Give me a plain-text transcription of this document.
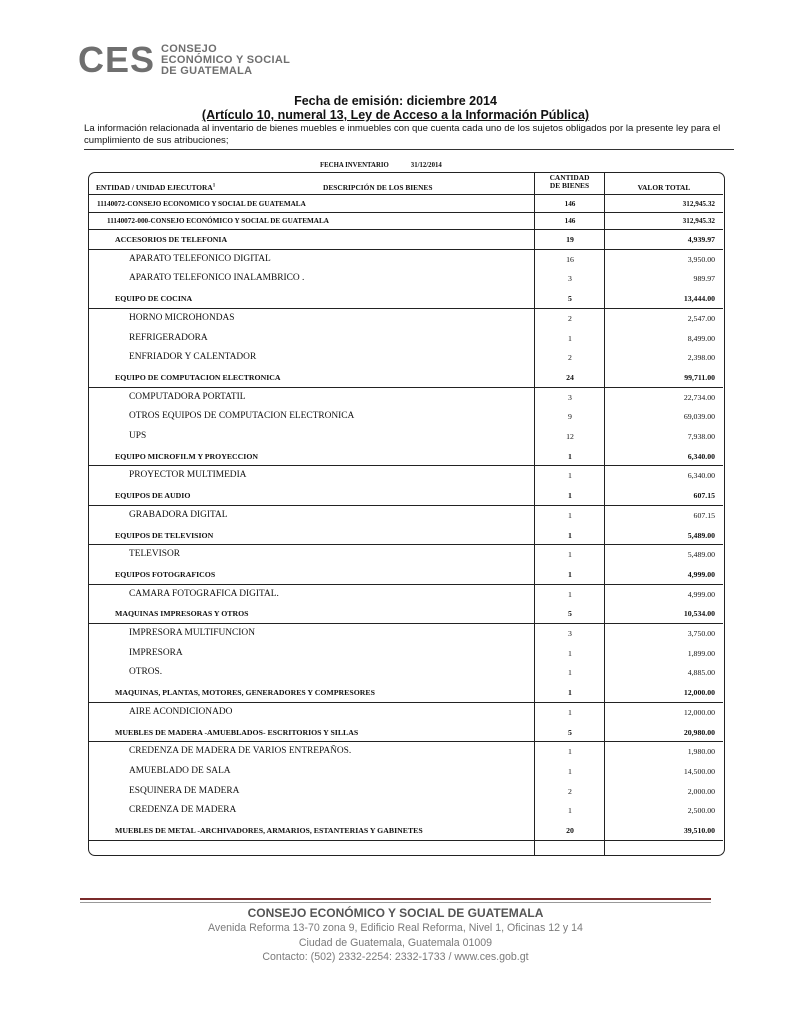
CES CONSEJO
ECONÓMICO Y SOCIAL
DE GUATEMALA
Fecha de emisión: diciembre 2014
(Artículo 10, numeral 13, Ley de Acceso a la Información Pública)
La información relacionada al inventario de bienes muebles e inmuebles con que cuenta cada uno de los sujetos obligados por la presente ley para el cumplimiento de sus atribuciones;
FECHA INVENTARIO	31/12/2014
ENTIDAD / UNIDAD EJECUTORA$^1$	DESCRIPCIÓN DE LOS BIENES
CANTIDAD
DE BIENES	VALOR TOTAL
11140072-CONSEJO ECONOMICO Y SOCIAL DE GUATEMALA	146	312,945.32
11140072-000-CONSEJO ECONÓMICO Y SOCIAL DE GUATEMALA	146	312,945.32
ACCESORIOS DE TELEFONIA	19	4,939.97
APARATO TELEFONICO DIGITAL	16	3,950.00
APARATO TELEFONICO INALAMBRICO .	3	989.97
EQUIPO DE COCINA	5	13,444.00
HORNO MICROHONDAS	2	2,547.00
REFRIGERADORA	1	8,499.00
ENFRIADOR Y CALENTADOR	2	2,398.00
EQUIPO DE COMPUTACION ELECTRONICA	24	99,711.00
COMPUTADORA PORTATIL	3	22,734.00
OTROS EQUIPOS DE COMPUTACION ELECTRONICA	9	69,039.00
UPS	12	7,938.00
EQUIPO MICROFILM Y PROYECCION	1	6,340.00
PROYECTOR MULTIMEDIA	1	6,340.00
EQUIPOS DE AUDIO	1	607.15
GRABADORA DIGITAL	1	607.15
EQUIPOS DE TELEVISION	1	5,489.00
TELEVISOR	1	5,489.00
EQUIPOS FOTOGRAFICOS	1	4,999.00
CAMARA FOTOGRAFICA DIGITAL.	1	4,999.00
MAQUINAS IMPRESORAS Y OTROS	5	10,534.00
IMPRESORA MULTIFUNCION	3	3,750.00
IMPRESORA	1	1,899.00
OTROS.	1	4,885.00
MAQUINAS, PLANTAS, MOTORES, GENERADORES Y COMPRESORES	1	12,000.00
AIRE ACONDICIONADO	1	12,000.00
MUEBLES DE MADERA -AMUEBLADOS- ESCRITORIOS Y SILLAS	5	20,980.00
CREDENZA DE MADERA DE VARIOS ENTREPAÑOS.	1	1,980.00
AMUEBLADO DE SALA	1	14,500.00
ESQUINERA DE MADERA	2	2,000.00
CREDENZA DE MADERA	1	2,500.00
MUEBLES DE METAL -ARCHIVADORES, ARMARIOS, ESTANTERIAS Y GABINETES	20	39,510.00
CONSEJO ECONÓMICO Y SOCIAL DE GUATEMALA
Avenida Reforma 13-70 zona 9, Edificio Real Reforma, Nivel 1, Oficinas 12 y 14
Ciudad de Guatemala, Guatemala 01009
Contacto: (502) 2332-2254: 2332-1733 / www.ces.gob.gt
